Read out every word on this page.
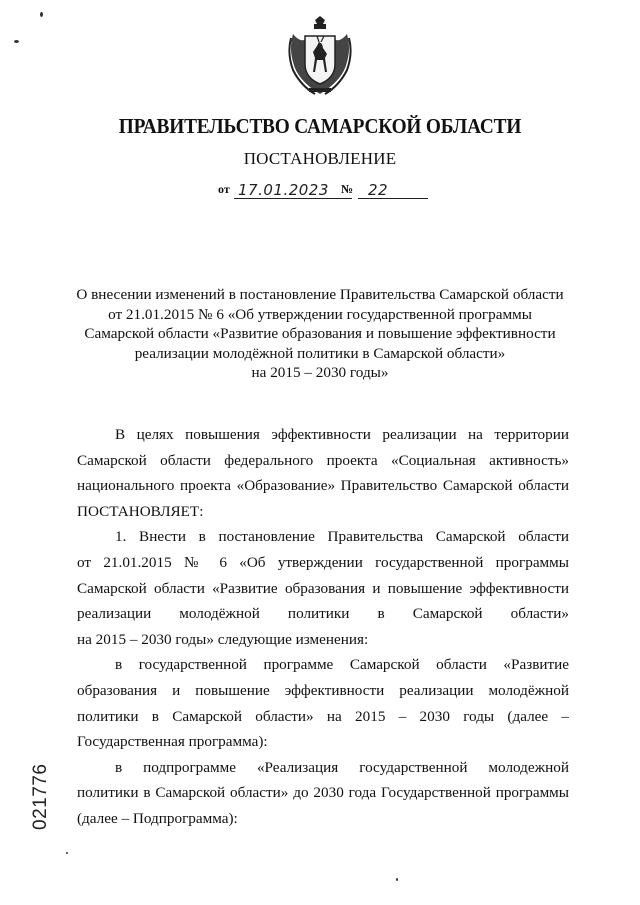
ПРАВИТЕЛЬСТВО САМАРСКОЙ ОБЛАСТИ
ПОСТАНОВЛЕНИЕ
от 17.01.2023 № 22
О внесении изменений в постановление Правительства Самарской области
от 21.01.2015 № 6 «Об утверждении государственной программы
Самарской области «Развитие образования и повышение эффективности
реализации молодёжной политики в Самарской области»
на 2015 – 2030 годы»
В целях повышения эффективности реализации на территории
Самарской области федерального проекта «Социальная активность»
национального проекта «Образование» Правительство Самарской области
ПОСТАНОВЛЯЕТ:
1. Внести в постановление Правительства Самарской области
от 21.01.2015 № 6 «Об утверждении государственной программы
Самарской области «Развитие образования и повышение эффективности
реализации молодёжной политики в Самарской области»
на 2015 – 2030 годы» следующие изменения:
в государственной программе Самарской области «Развитие
образования и повышение эффективности реализации молодёжной
политики в Самарской области» на 2015 – 2030 годы (далее –
Государственная программа):
в подпрограмме «Реализация государственной молодежной
политики в Самарской области» до 2030 года Государственной программы
(далее – Подпрограмма):
021776
